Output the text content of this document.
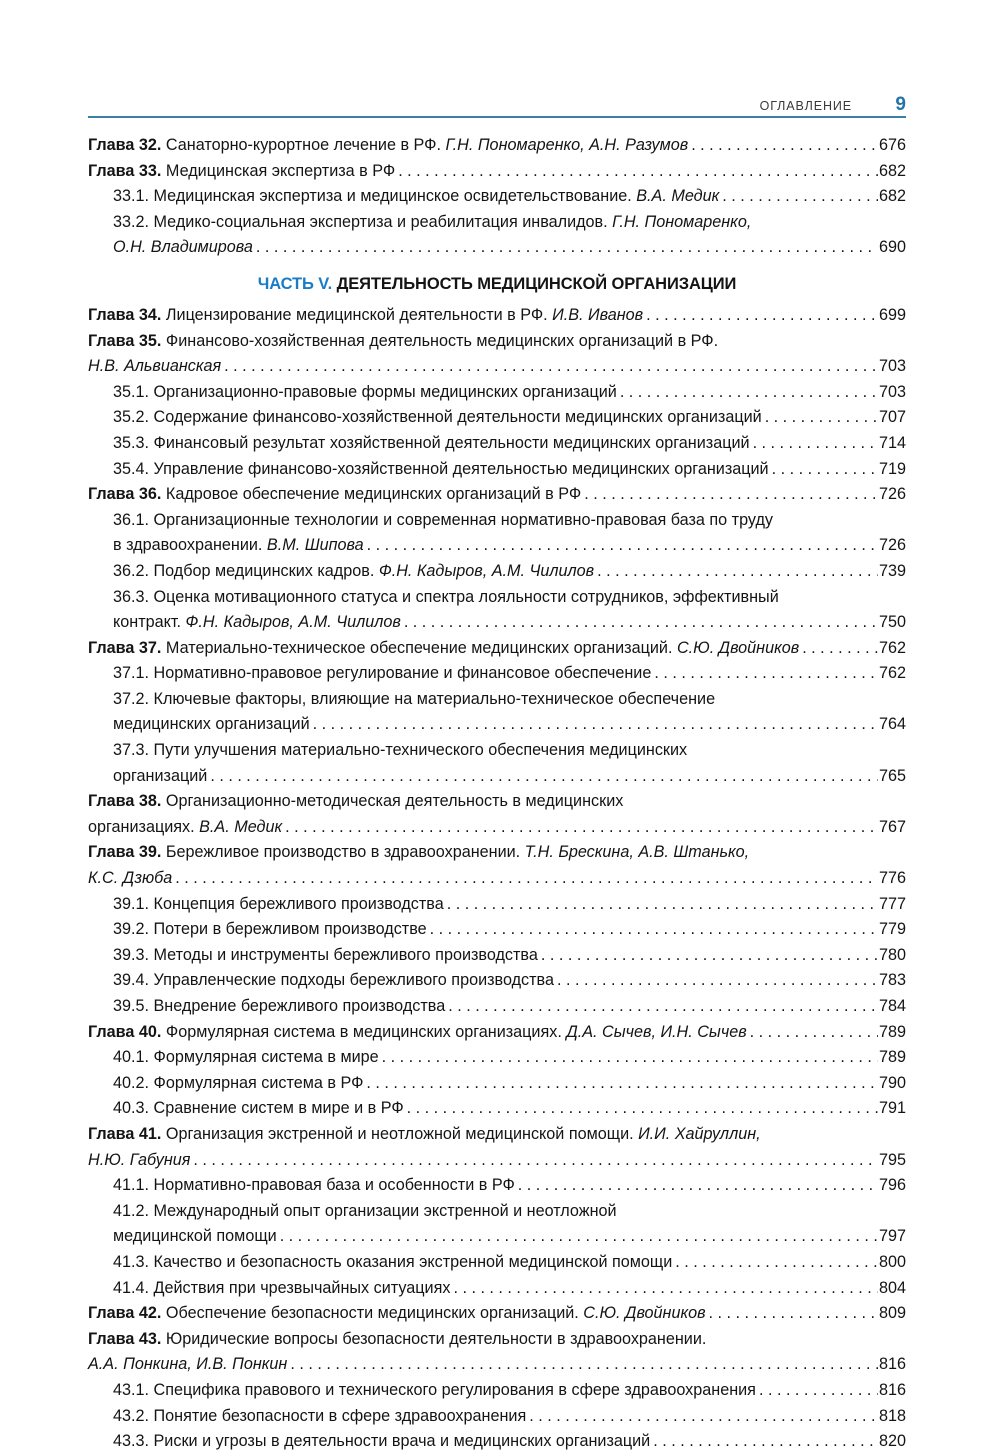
ОГЛАВЛЕНИЕ	9
Глава 32. Санаторно-курортное лечение в РФ. Г.Н. Пономаренко, А.Н. Разумов . . .	676
Глава 33. Медицинская экспертиза в РФ . . .	682
33.1. Медицинская экспертиза и медицинское освидетельствование. В.А. Медик . . .	682
33.2. Медико-социальная экспертиза и реабилитация инвалидов. Г.Н. Пономаренко,
О.Н. Владимирова . . .	690
ЧАСТЬ V. ДЕЯТЕЛЬНОСТЬ МЕДИЦИНСКОЙ ОРГАНИЗАЦИИ
Глава 34. Лицензирование медицинской деятельности в РФ. И.В. Иванов . . .	699
Глава 35. Финансово-хозяйственная деятельность медицинских организаций в РФ.
Н.В. Альвианская . . .	703
35.1. Организационно-правовые формы медицинских организаций . . .	703
35.2. Содержание финансово-хозяйственной деятельности медицинских организаций . . .	707
35.3. Финансовый результат хозяйственной деятельности медицинских организаций . . .	714
35.4. Управление финансово-хозяйственной деятельностью медицинских организаций . . .	719
Глава 36. Кадровое обеспечение медицинских организаций в РФ . . .	726
36.1. Организационные технологии и современная нормативно-правовая база по труду
в здравоохранении. В.М. Шипова . . .	726
36.2. Подбор медицинских кадров. Ф.Н. Кадыров, А.М. Чилилов . . .	739
36.3. Оценка мотивационного статуса и спектра лояльности сотрудников, эффективный
контракт. Ф.Н. Кадыров, А.М. Чилилов . . .	750
Глава 37. Материально-техническое обеспечение медицинских организаций. С.Ю. Двойников . . .	762
37.1. Нормативно-правовое регулирование и финансовое обеспечение . . .	762
37.2. Ключевые факторы, влияющие на материально-техническое обеспечение
медицинских организаций . . .	764
37.3. Пути улучшения материально-технического обеспечения медицинских
организаций . . .	765
Глава 38. Организационно-методическая деятельность в медицинских
организациях. В.А. Медик . . .	767
Глава 39. Бережливое производство в здравоохранении. Т.Н. Брескина, А.В. Штанько,
К.С. Дзюба . . .	776
39.1. Концепция бережливого производства . . .	777
39.2. Потери в бережливом производстве . . .	779
39.3. Методы и инструменты бережливого производства . . .	780
39.4. Управленческие подходы бережливого производства . . .	783
39.5. Внедрение бережливого производства . . .	784
Глава 40. Формулярная система в медицинских организациях. Д.А. Сычев, И.Н. Сычев . . .	789
40.1. Формулярная система в мире . . .	789
40.2. Формулярная система в РФ . . .	790
40.3. Сравнение систем в мире и в РФ . . .	791
Глава 41. Организация экстренной и неотложной медицинской помощи. И.И. Хайруллин,
Н.Ю. Габуния . . .	795
41.1. Нормативно-правовая база и особенности в РФ . . .	796
41.2. Международный опыт организации экстренной и неотложной
медицинской помощи . . .	797
41.3. Качество и безопасность оказания экстренной медицинской помощи . . .	800
41.4. Действия при чрезвычайных ситуациях . . .	804
Глава 42. Обеспечение безопасности медицинских организаций. С.Ю. Двойников . . .	809
Глава 43. Юридические вопросы безопасности деятельности в здравоохранении.
А.А. Понкина, И.В. Понкин . . .	816
43.1. Специфика правового и технического регулирования в сфере здравоохранения . . .	816
43.2. Понятие безопасности в сфере здравоохранения . . .	818
43.3. Риски и угрозы в деятельности врача и медицинских организаций . . .	820
